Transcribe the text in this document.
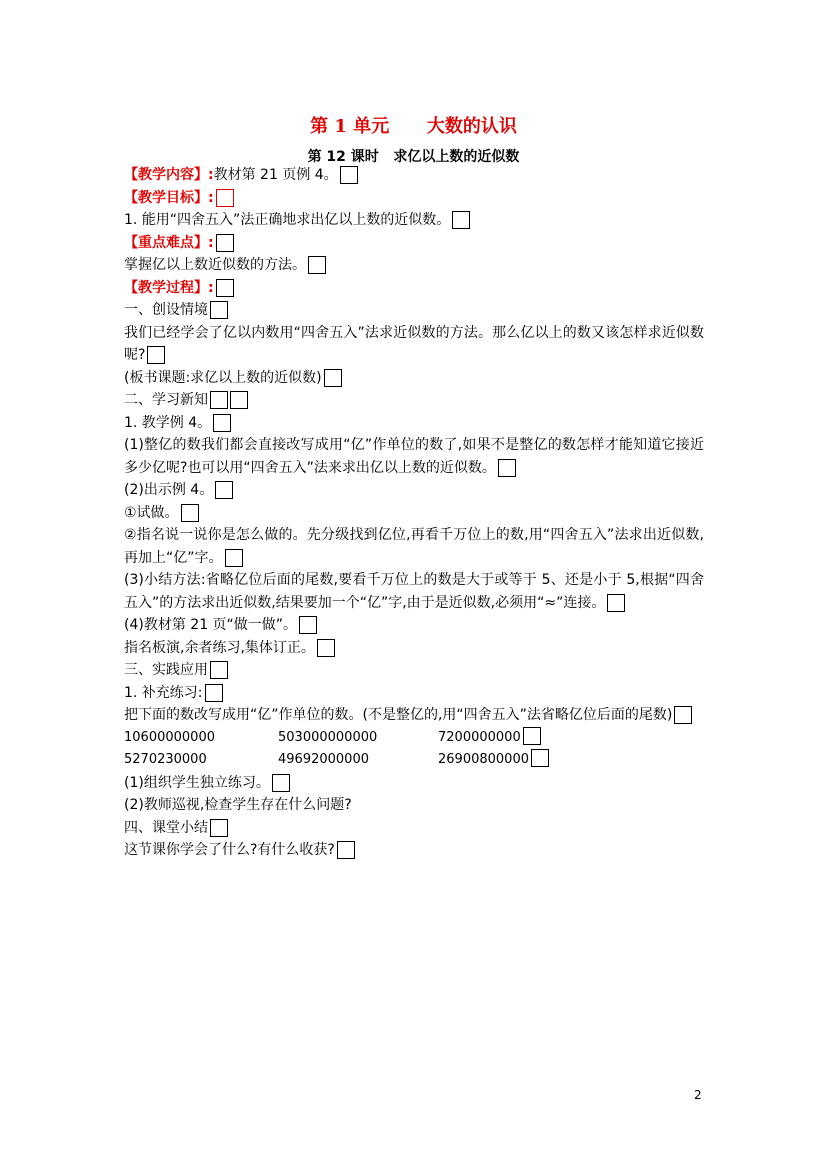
第 1 单元      大数的认识
第 12 课时   求亿以上数的近似数
【教学内容】:教材第 21 页例 4。
【教学目标】:
1. 能用“四舍五入”法正确地求出亿以上数的近似数。
【重点难点】:
掌握亿以上数近似数的方法。
【教学过程】:
一、创设情境
我们已经学会了亿以内数用“四舍五入”法求近似数的方法。那么亿以上的数又该怎样求近似数呢?
(板书课题:求亿以上数的近似数)
二、学习新知
1. 教学例 4。
(1)整亿的数我们都会直接改写成用“亿”作单位的数了,如果不是整亿的数怎样才能知道它接近多少亿呢?也可以用“四舍五入”法来求出亿以上数的近似数。
(2)出示例 4。
①试做。
②指名说一说你是怎么做的。先分级找到亿位,再看千万位上的数,用“四舍五入”法求出近似数,再加上“亿”字。
(3)小结方法:省略亿位后面的尾数,要看千万位上的数是大于或等于 5、还是小于 5,根据“四舍五入”的方法求出近似数,结果要加一个“亿”字,由于是近似数,必须用“≈”连接。
(4)教材第 21 页“做一做”。
指名板演,余者练习,集体订正。
三、实践应用
1. 补充练习:
把下面的数改写成用“亿”作单位的数。(不是整亿的,用“四舍五入”法省略亿位后面的尾数)
10600000000	503000000000	7200000000
5270230000	49692000000	26900800000
(1)组织学生独立练习。
(2)教师巡视,检查学生存在什么问题?
四、课堂小结
这节课你学会了什么?有什么收获?
2
